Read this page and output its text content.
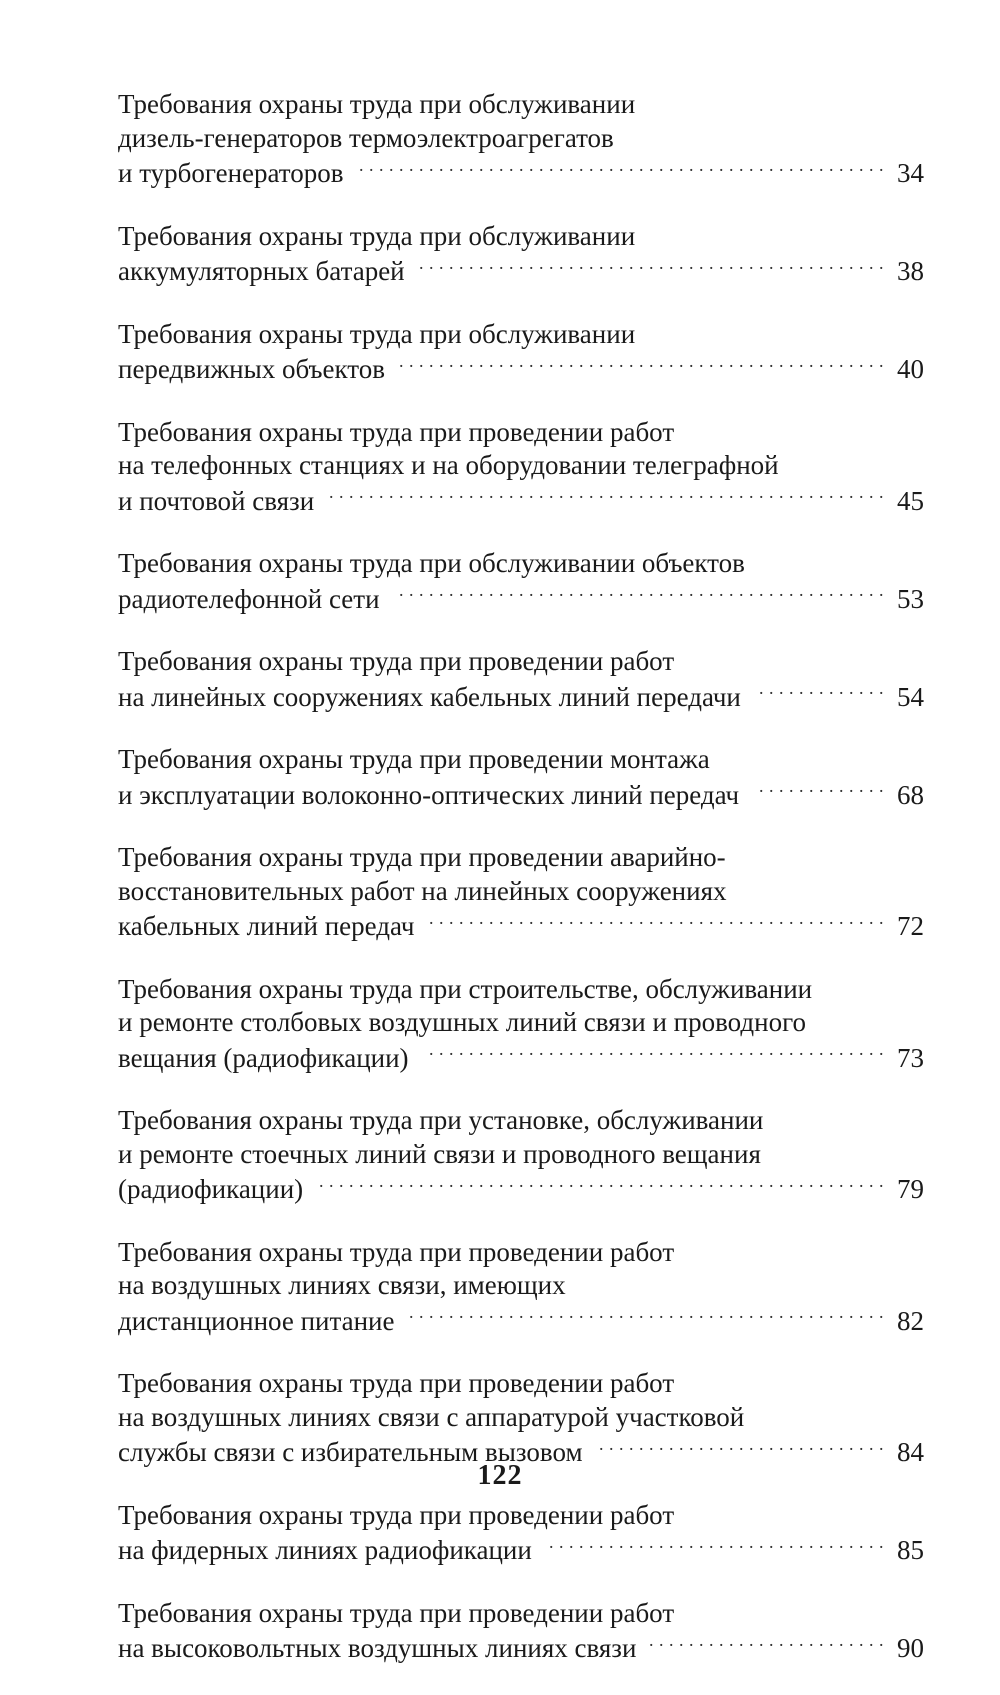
Требования охраны труда при обслуживании
дизель-генераторов термоэлектроагрегатов
и турбогенераторов . . .	34
Требования охраны труда при обслуживании
аккумуляторных батарей . . .	38
Требования охраны труда при обслуживании
передвижных объектов . . .	40
Требования охраны труда при проведении работ
на телефонных станциях и на оборудовании телеграфной
и почтовой связи . . .	45
Требования охраны труда при обслуживании объектов
радиотелефонной сети . . .	53
Требования охраны труда при проведении работ
на линейных сооружениях кабельных линий передачи . . .	54
Требования охраны труда при проведении монтажа
и эксплуатации волоконно-оптических линий передач . . .	68
Требования охраны труда при проведении аварийно-
восстановительных работ на линейных сооружениях
кабельных линий передач . . .	72
Требования охраны труда при строительстве, обслуживании
и ремонте столбовых воздушных линий связи и проводного
вещания (радиофикации) . . .	73
Требования охраны труда при установке, обслуживании
и ремонте стоечных линий связи и проводного вещания
(радиофикации) . . .	79
Требования охраны труда при проведении работ
на воздушных линиях связи, имеющих
дистанционное питание . . .	82
Требования охраны труда при проведении работ
на воздушных линиях связи с аппаратурой участковой
службы связи с избирательным вызовом . . .	84
Требования охраны труда при проведении работ
на фидерных линиях радиофикации . . .	85
Требования охраны труда при проведении работ
на высоковольтных воздушных линиях связи . . .	90
122
